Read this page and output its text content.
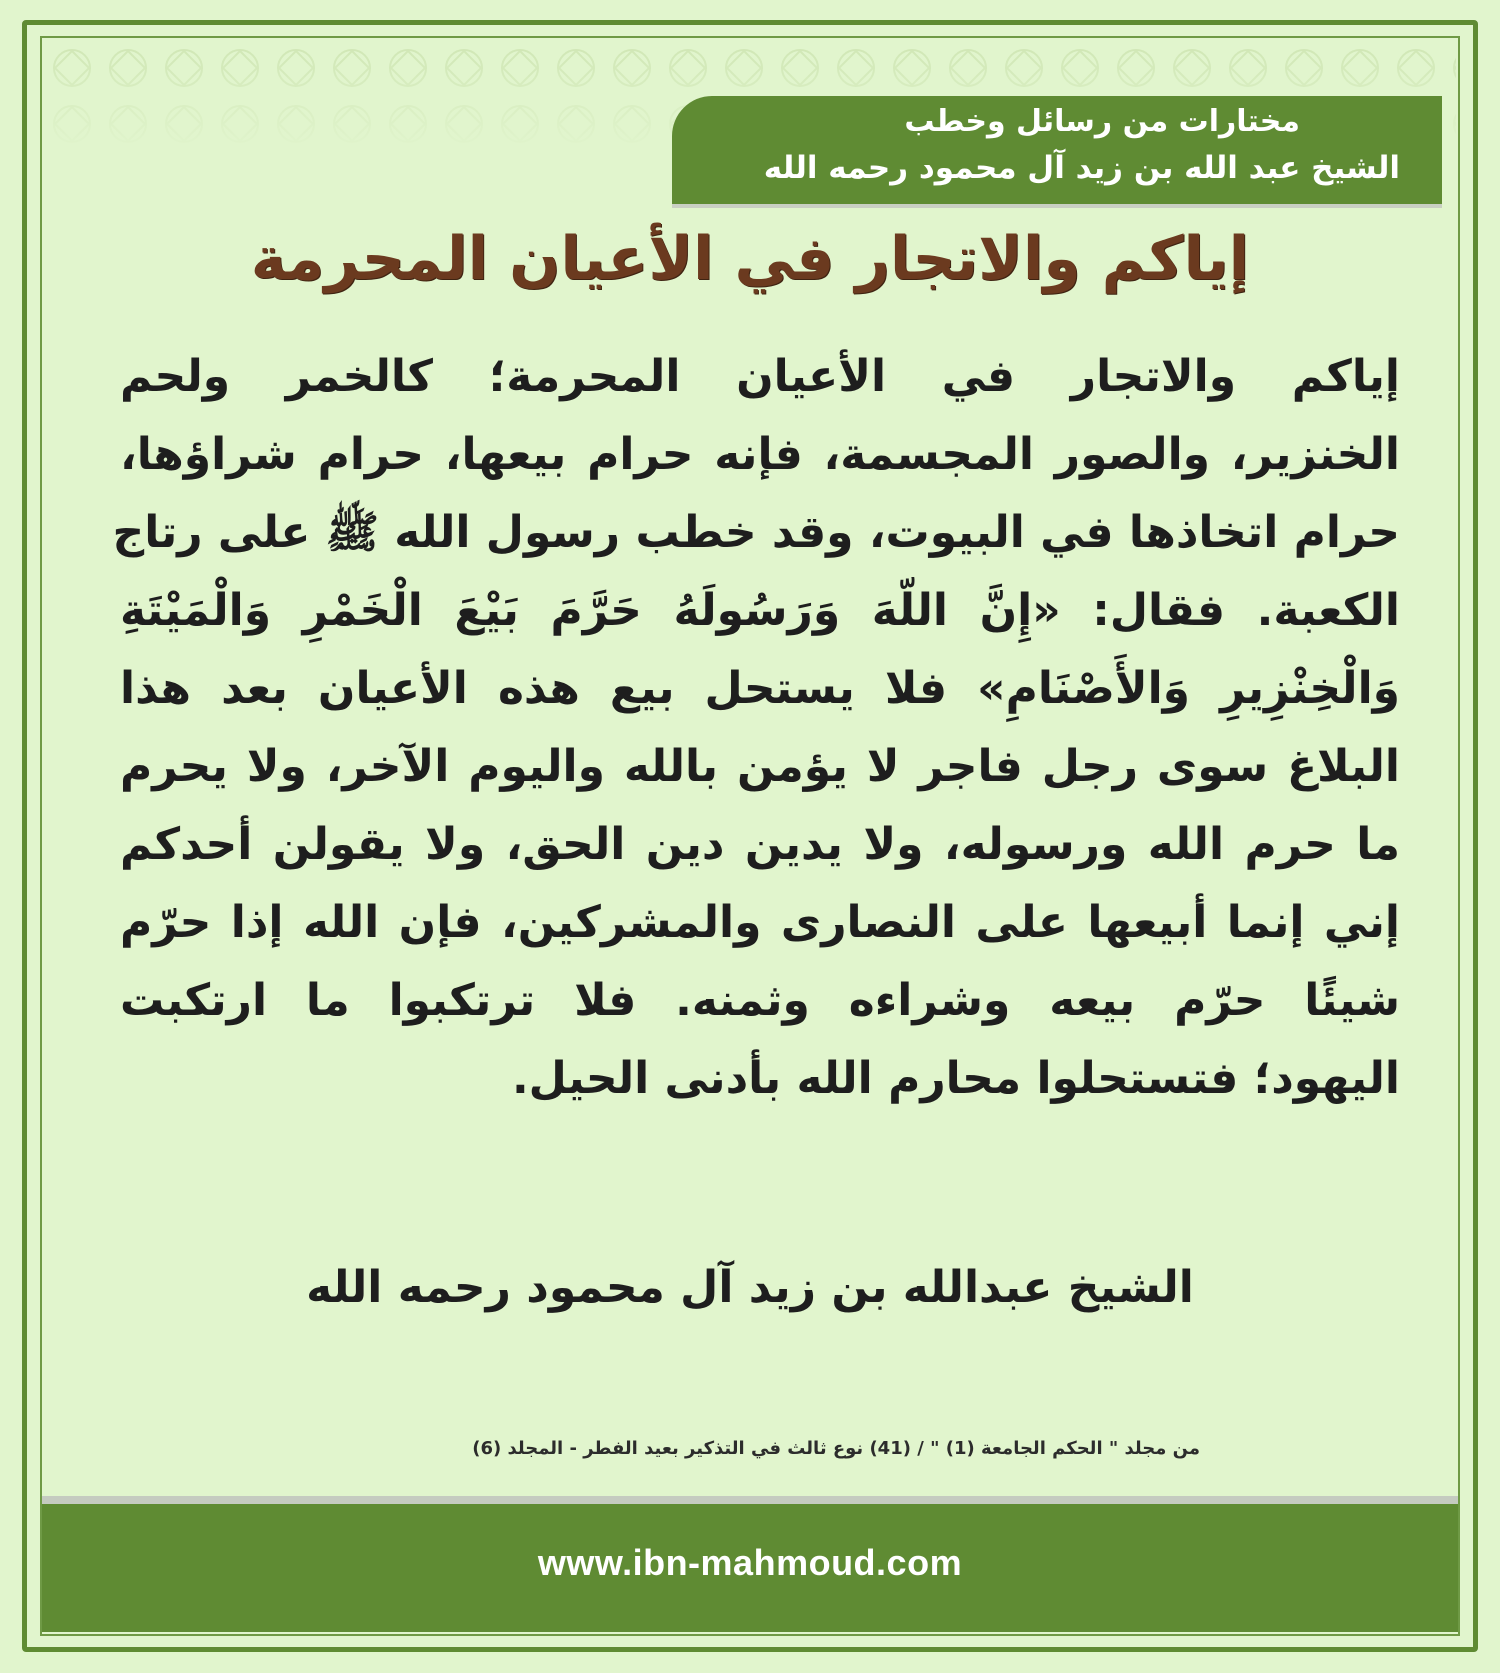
مختارات من رسائل وخطب
الشيخ عبد الله بن زيد آل محمود رحمه الله
إياكم والاتجار في الأعيان المحرمة
إياكم والاتجار في الأعيان المحرمة؛ كالخمر ولحم
الخنزير، والصور المجسمة، فإنه حرام بيعها، حرام شراؤها،
حرام اتخاذها في البيوت، وقد خطب رسول الله ﷺ على رتاج
الكعبة. فقال: «إِنَّ اللّهَ وَرَسُولَهُ حَرَّمَ بَيْعَ الْخَمْرِ وَالْمَيْتَةِ
وَالْخِنْزِيرِ وَالأَصْنَامِ» فلا يستحل بيع هذه الأعيان بعد هذا
البلاغ سوى رجل فاجر لا يؤمن بالله واليوم الآخر، ولا يحرم
ما حرم الله ورسوله، ولا يدين دين الحق، ولا يقولن أحدكم
إني إنما أبيعها على النصارى والمشركين، فإن الله إذا حرّم
شيئًا حرّم بيعه وشراءه وثمنه. فلا ترتكبوا ما ارتكبت
اليهود؛ فتستحلوا محارم الله بأدنى الحيل.
الشيخ عبدالله بن زيد آل محمود رحمه الله
من مجلد " الحكم الجامعة (1) " / (41) نوع ثالث في التذكير بعيد الفطر - المجلد (6)
www.ibn-mahmoud.com
